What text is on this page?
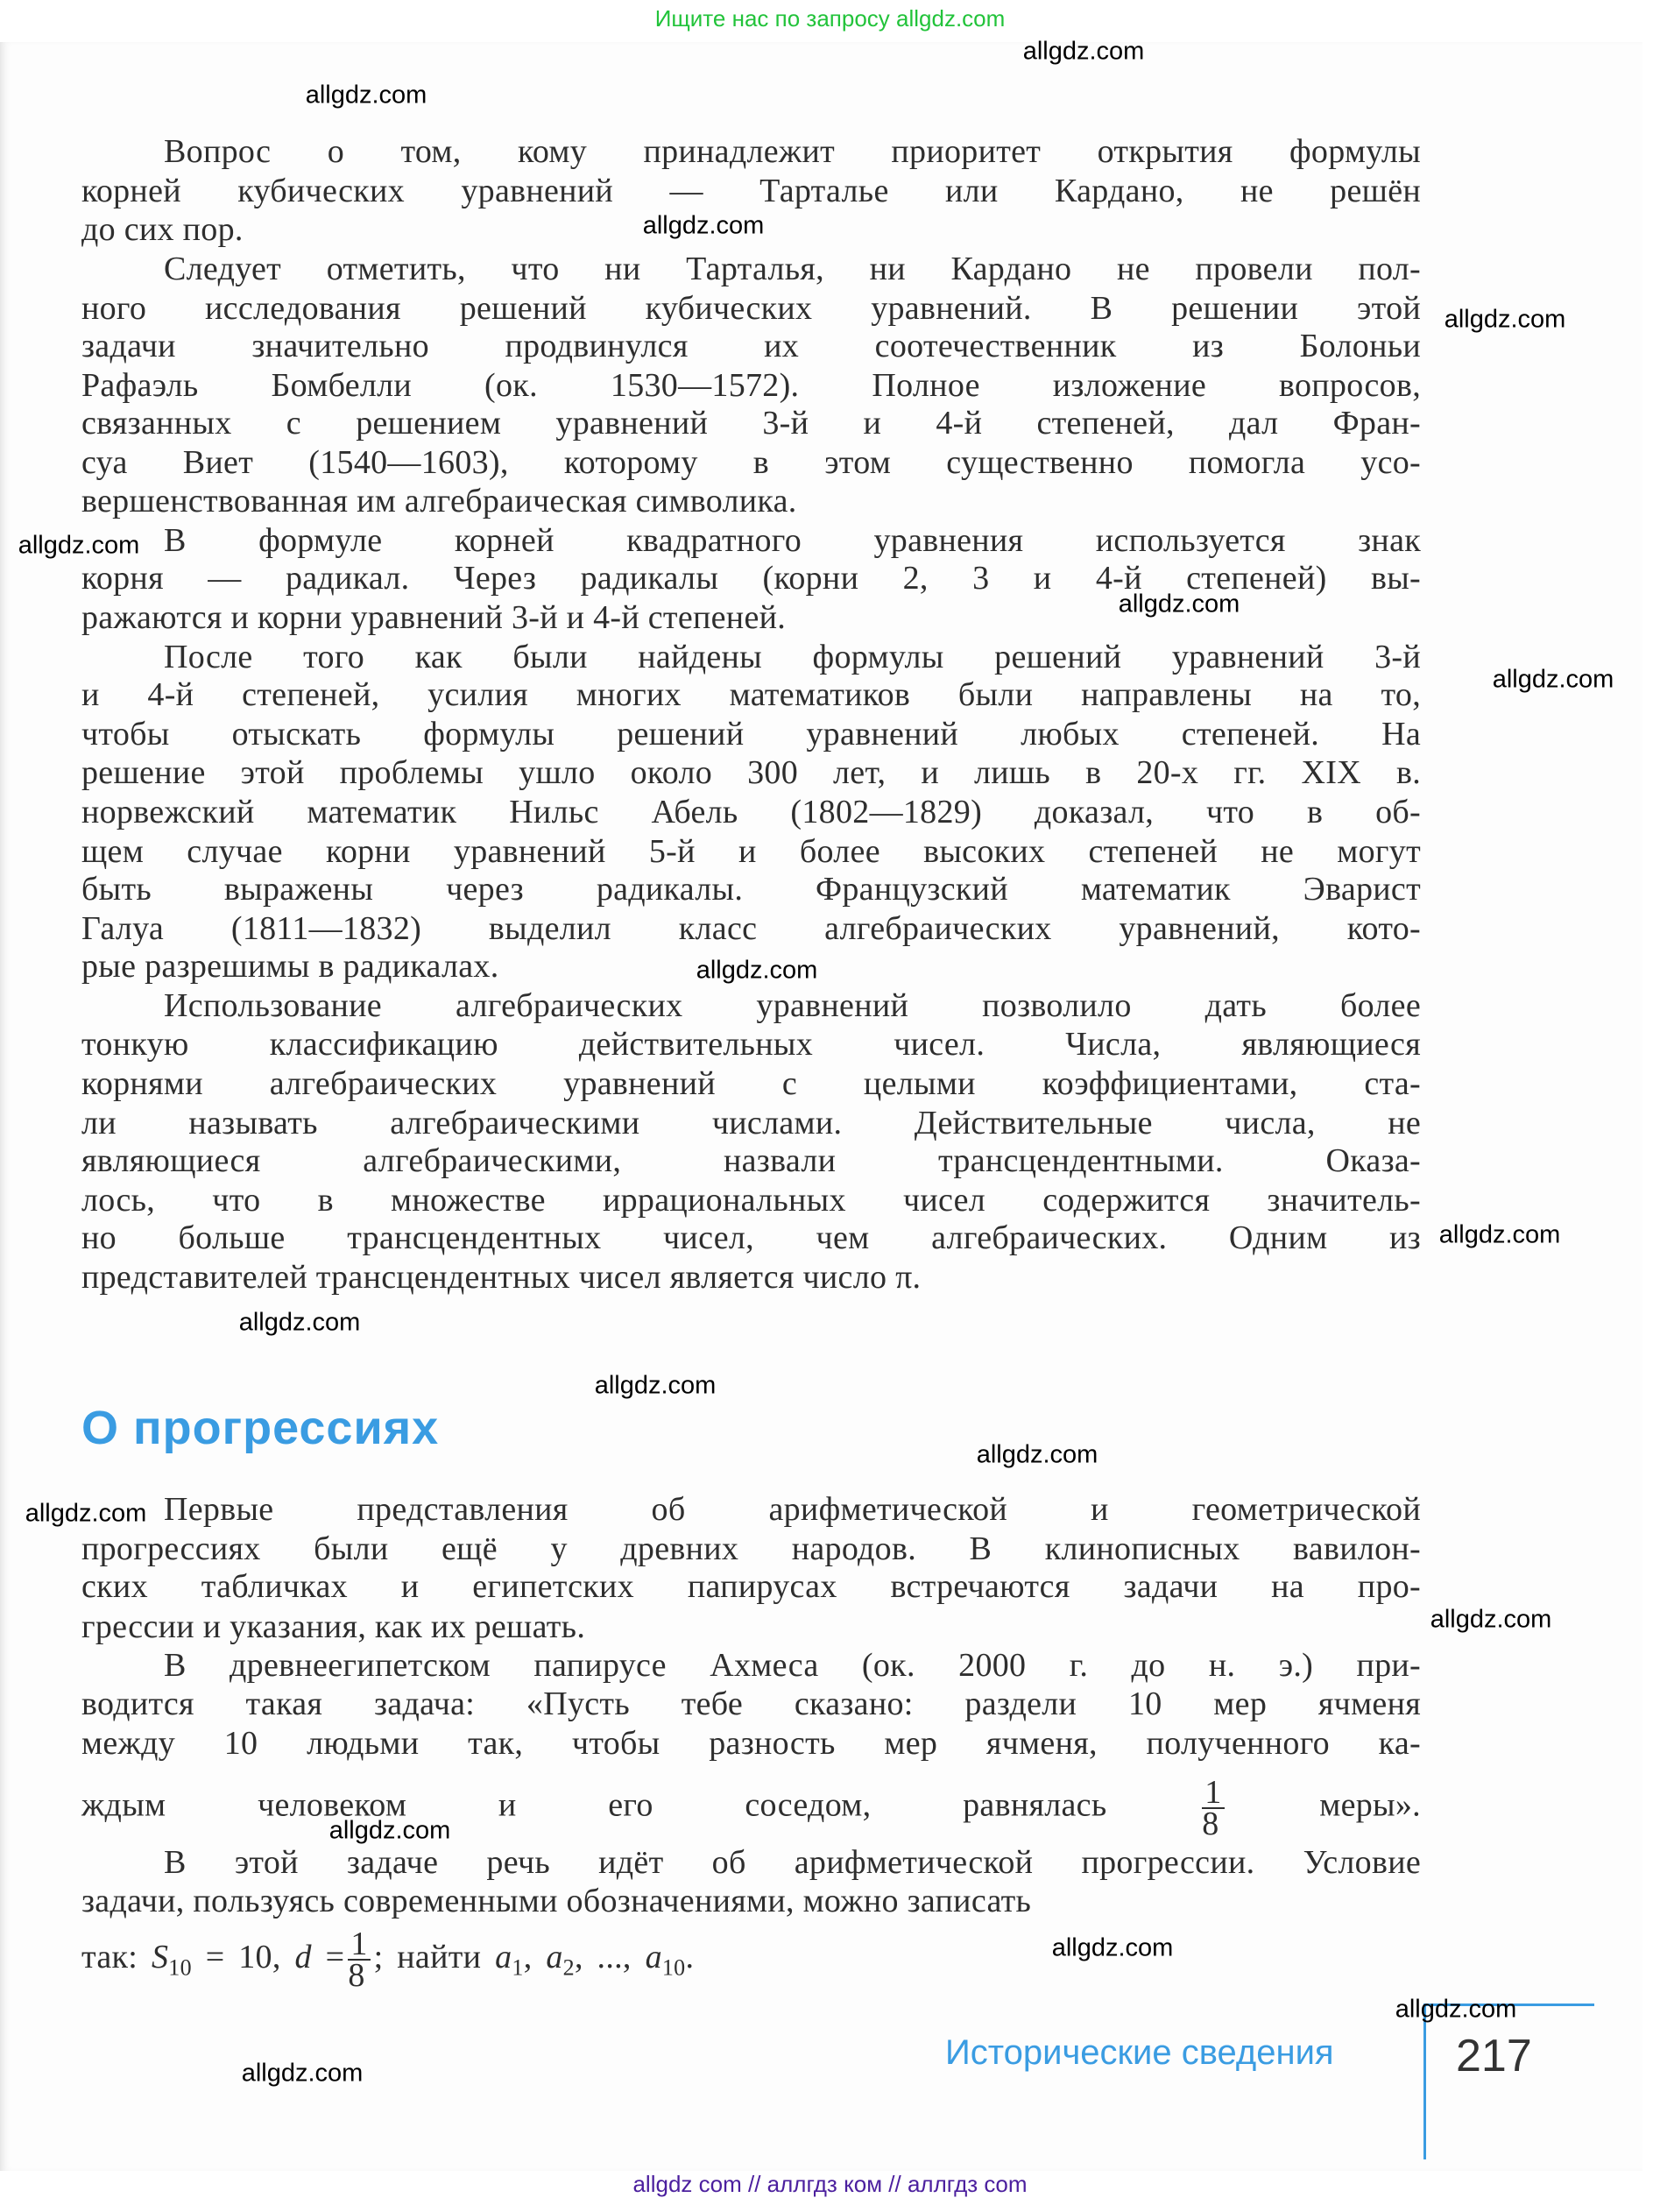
Ищите нас по запросу allgdz.com
Вопрос о том, кому принадлежит приоритет открытия формулы
корней кубических уравнений — Тарталье или Кардано, не решён
до сих пор.
Следует отметить, что ни Тарталья, ни Кардано не провели пол-
ного исследования решений кубических уравнений. В решении этой
задачи значительно продвинулся их соотечественник из Болоньи
Рафаэль Бомбелли (ок. 1530—1572). Полное изложение вопросов,
связанных с решением уравнений 3-й и 4-й степеней, дал Фран-
суа Виет (1540—1603), которому в этом существенно помогла усо-
вершенствованная им алгебраическая символика.
В формуле корней квадратного уравнения используется знак
корня — радикал. Через радикалы (корни 2, 3 и 4-й степеней) вы-
ражаются и корни уравнений 3-й и 4-й степеней.
После того как были найдены формулы решений уравнений 3-й
и 4-й степеней, усилия многих математиков были направлены на то,
чтобы отыскать формулы решений уравнений любых степеней. На
решение этой проблемы ушло около 300 лет, и лишь в 20-х гг. XIX в.
норвежский математик Нильс Абель (1802—1829) доказал, что в об-
щем случае корни уравнений 5-й и более высоких степеней не могут
быть выражены через радикалы. Французский математик Эварист
Галуа (1811—1832) выделил класс алгебраических уравнений, кото-
рые разрешимы в радикалах.
Использование алгебраических уравнений позволило дать более
тонкую классификацию действительных чисел. Числа, являющиеся
корнями алгебраических уравнений с целыми коэффициентами, ста-
ли называть алгебраическими числами. Действительные числа, не
являющиеся алгебраическими, назвали трансцендентными. Оказа-
лось, что в множестве иррациональных чисел содержится значитель-
но больше трансцендентных чисел, чем алгебраических. Одним из
представителей трансцендентных чисел является число π.
Первые представления об арифметической и геометрической
прогрессиях были ещё у древних народов. В клинописных вавилон-
ских табличках и египетских папирусах встречаются задачи на про-
грессии и указания, как их решать.
В древнеегипетском папирусе Ахмеса (ок. 2000 г. до н. э.) при-
водится такая задача: «Пусть тебе сказано: раздели 10 мер ячменя
между 10 людьми так, чтобы разность мер ячменя, полученного ка-
В этой задаче речь идёт об арифметической прогрессии. Условие
задачи, пользуясь современными обозначениями, можно записать
О прогрессиях
ждым человеком и его соседом, равнялась	$\frac{1}{8}$	меры».
так: $S_{10} = 10$, $d = \frac{1}{8}$ ; найти $a_1$, $a_2$, ..., $a_{10}$.
Исторические сведения	217
allgdz.com
allgdz.com
allgdz.com
allgdz.com
allgdz.com
allgdz.com
allgdz.com
allgdz.com
allgdz.com
allgdz.com
allgdz.com
allgdz.com
allgdz.com
allgdz.com
allgdz.com
allgdz.com
allgdz.com
allgdz.com
allgdz com // аллгдз ком // аллгдз com
